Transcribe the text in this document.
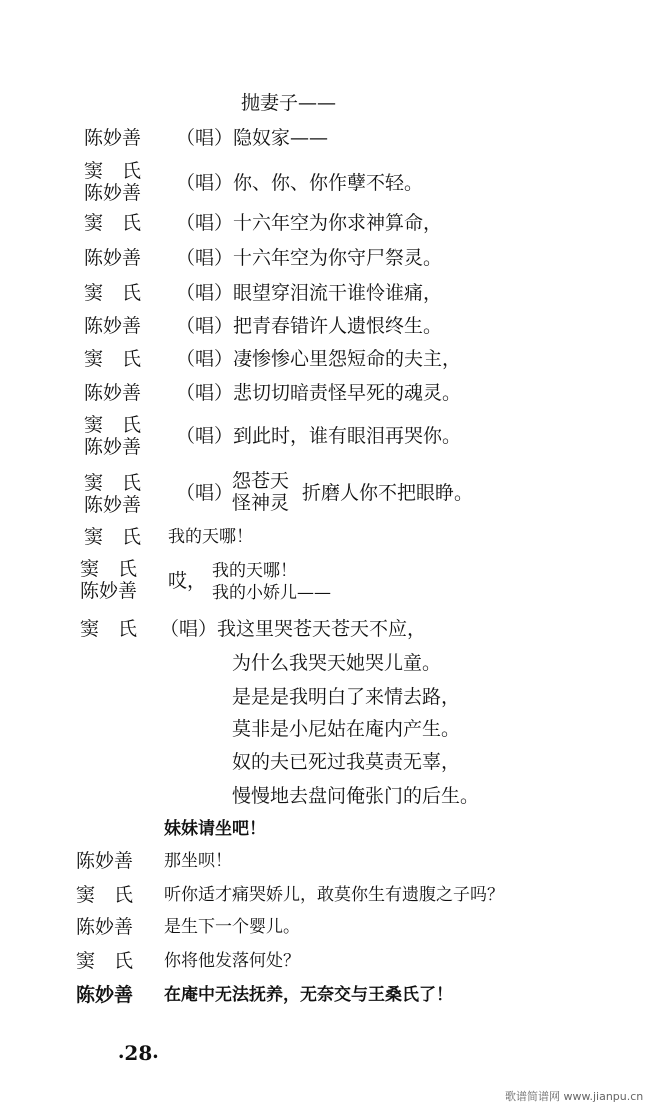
抛妻子——
陈妙善 （唱）隐奴家——
窦　氏
陈妙善 （唱）你、你、你作孽不轻。
窦　氏 （唱）十六年空为你求神算命，
陈妙善 （唱）十六年空为你守尸祭灵。
窦　氏 （唱）眼望穿泪流干谁怜谁痛，
陈妙善 （唱）把青春错许人遗恨终生。
窦　氏 （唱）凄惨惨心里怨短命的夫主，
陈妙善 （唱）悲切切暗责怪早死的魂灵。
窦　氏
陈妙善 （唱）到此时，谁有眼泪再哭你。
窦　氏
陈妙善
（唱）
怨苍天
怪神灵 折磨人你不把眼睁。
窦　氏 我的天哪！
窦　氏
陈妙善 哎， 我的天哪！
我的小娇儿——
窦　氏 （唱）我这里哭苍天苍天不应，
为什么我哭天她哭儿童。
是是是我明白了来情去路，
莫非是小尼姑在庵内产生。
奴的夫已死过我莫责无辜，
慢慢地去盘问俺张门的后生。
妹妹请坐吧！
陈妙善 那坐呗！
窦　氏 听你适才痛哭娇儿，敢莫你生有遗腹之子吗？
陈妙善 是生下一个婴儿。
窦　氏 你将他发落何处？
陈妙善 在庵中无法抚养，无奈交与王桑氏了！
•28•
歌谱简谱网 www.jianpu.cn
